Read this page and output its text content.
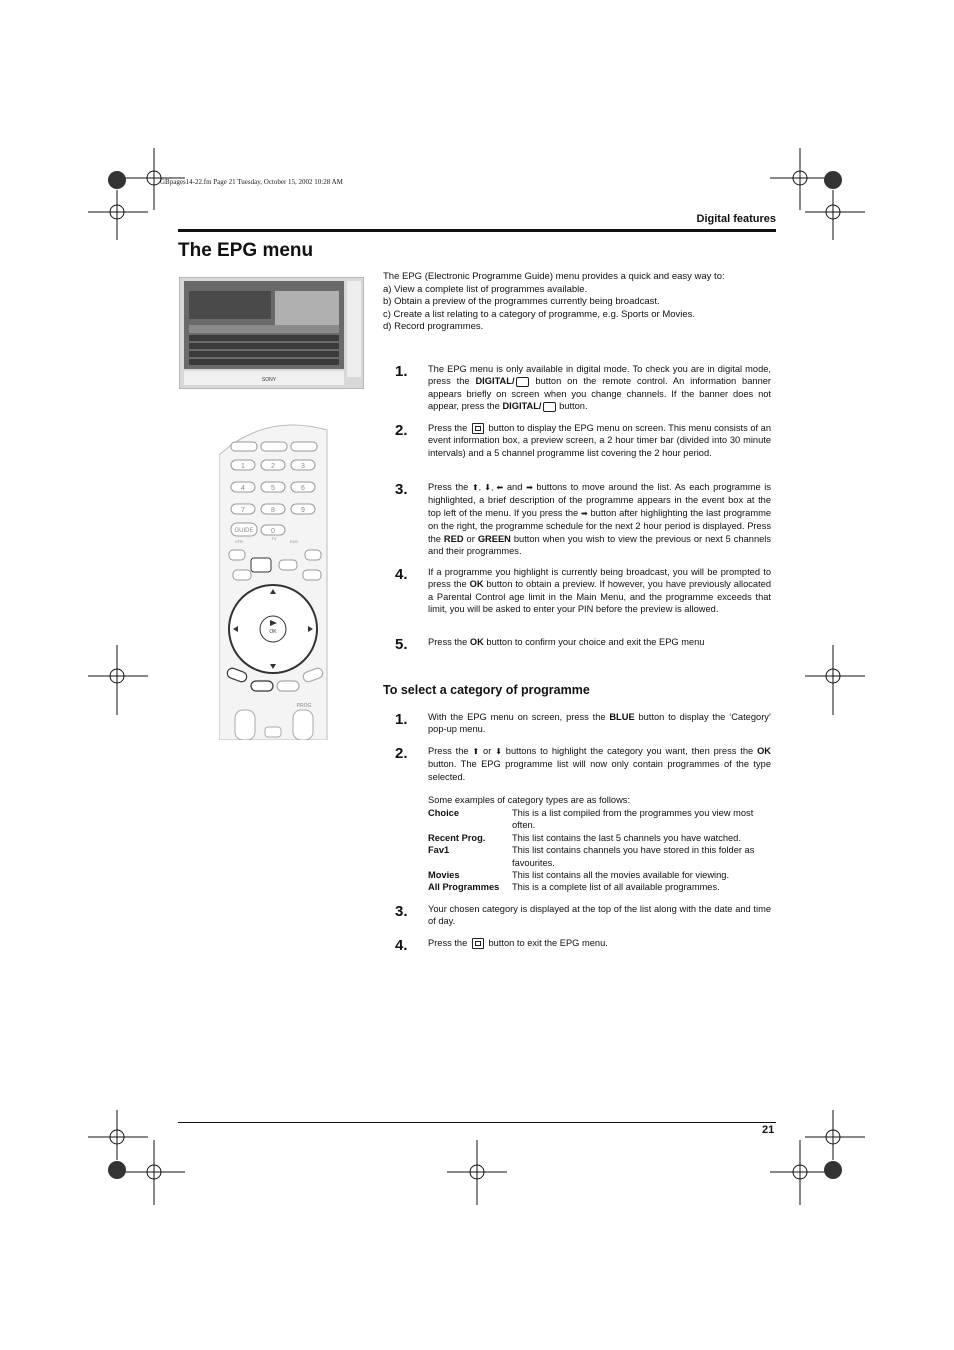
GBpages14-22.fm Page 21 Tuesday, October 15, 2002 10:28 AM
Digital features
The EPG menu
SONY
1	2	3
4	5	6
7	8	9
0
GUIDE
VTR
TV
DVD
PROG
OK

The EPG (Electronic Programme Guide) menu provides a quick and easy way to:

a) View a complete list of programmes available.

b) Obtain a preview of the programmes currently being broadcast.

c) Create a list relating to a category of programme, e.g. Sports or Movies.

d) Record programmes.

1. The EPG menu is only available in digital mode. To check you are in digital mode, press the DIGITAL/ button on the remote control. An information banner appears briefly on screen when you change channels. If the banner does not appear, press the DIGITAL/ button.
2. Press the  button to display the EPG menu on screen. This menu consists of an event information box, a preview screen, a 2 hour timer bar (divided into 30 minute intervals) and a 5 channel programme list covering the 2 hour period.
3. Press the ⬆, ⬇, ⬅ and ➡ buttons to move around the list. As each programme is highlighted, a brief description of the programme appears in the event box at the top left of the menu. If you press the ➡ button after highlighting the last programme on the right, the programme schedule for the next 2 hour period is displayed. Press the RED or GREEN button when you wish to view the previous or next 5 channels and their programmes.
4. If a programme you highlight is currently being broadcast, you will be prompted to press the OK button to obtain a preview. If however, you have previously allocated a Parental Control age limit in the Main Menu, and the programme exceeds that limit, you will be asked to enter your PIN before the preview is allowed.
5. Press the OK button to confirm your choice and exit the EPG menu
To select a category of programme
1. With the EPG menu on screen, press the BLUE button to display the ‘Category’ pop-up menu.
2. Press the ⬆ or ⬇ buttons to highlight the category you want, then press the OK button. The EPG programme list will now only contain programmes of the type selected.
Some examples of category types are as follows:
Choice	This is a list compiled from the programmes you view most often.
Recent Prog.	This list contains the last 5 channels you have watched.
Fav1	This list contains channels you have stored in this folder as favourites.
Movies	This list contains all the movies available for viewing.
All Programmes	This is a complete list of all available programmes.
3. Your chosen category is displayed at the top of the list along with the date and time of day.
4. Press the  button to exit the EPG menu.
21
